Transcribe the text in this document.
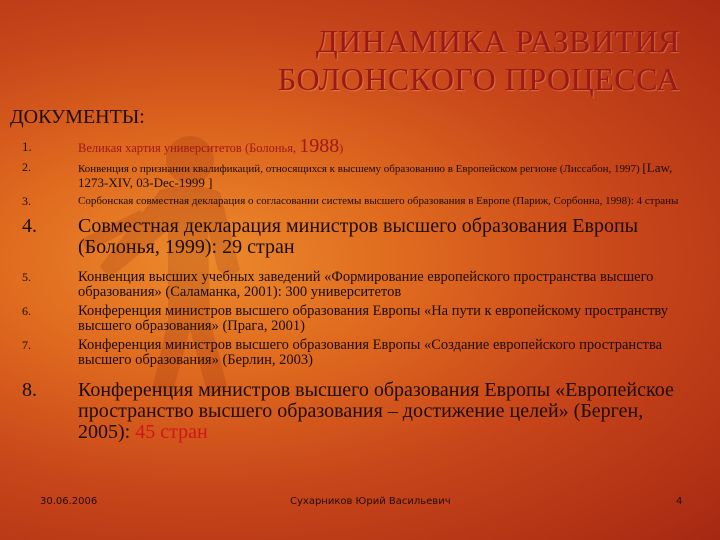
ДИНАМИКА РАЗВИТИЯ
БОЛОНСКОГО ПРОЦЕССА
ДОКУМЕНТЫ:
1.	Великая хартия университетов (Болонья, 1988)
2.	Конвенция о признании квалификаций, относящихся к высшему образованию в Европейском регионе (Лиссабон, 1997) [Law, 1273-XIV, 03-Dec-1999 ]
3.	Сорбонская совместная декларация о согласовании системы высшего образования в Европе (Париж, Сорбонна, 1998): 4 страны
4.	Совместная декларация министров высшего образования Европы (Болонья, 1999): 29 стран
5.	Конвенция высших учебных заведений «Формирование европейского пространства высшего образования» (Саламанка, 2001): 300 университетов
6.	Конференция министров высшего образования Европы «На пути к европейскому пространству высшего образования» (Прага, 2001)
7.	Конференция министров высшего образования Европы «Создание европейского пространства высшего образования» (Берлин, 2003)
8.	Конференция министров высшего образования Европы «Европейское пространство высшего образования – достижение целей» (Берген, 2005): 45 стран
30.06.2006	Сухарников Юрий Васильевич	4
